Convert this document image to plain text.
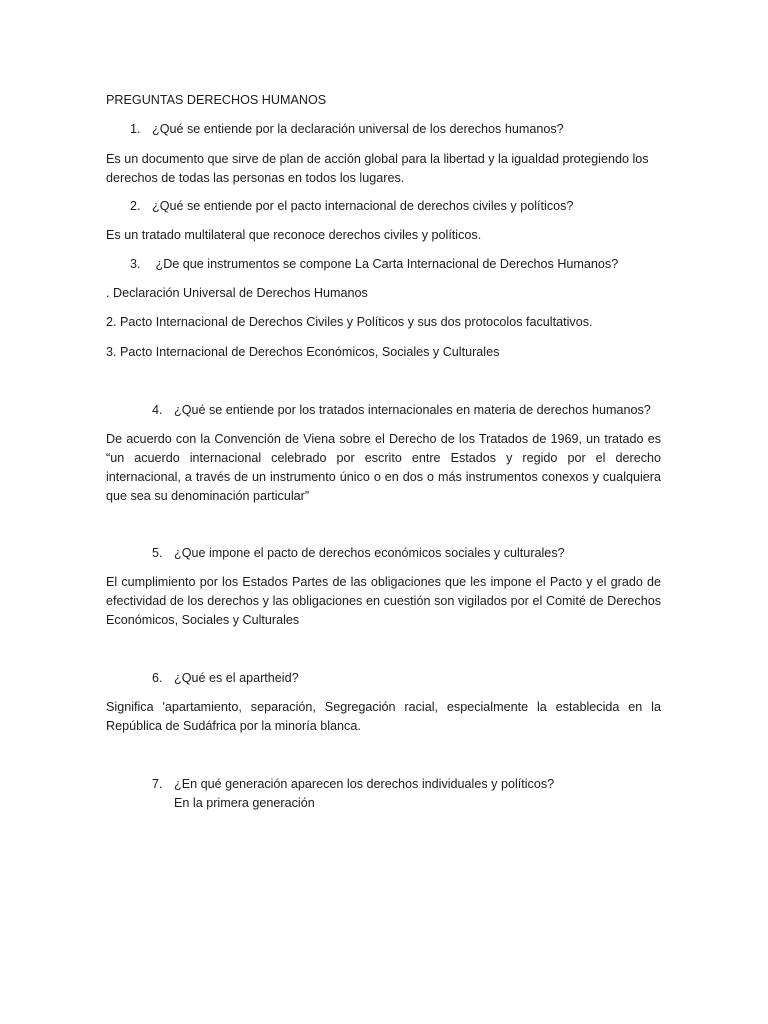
PREGUNTAS DERECHOS HUMANOS
1. ¿Qué se entiende por la declaración universal de los derechos humanos?
Es un documento que sirve de plan de acción global para la libertad y la igualdad protegiendo los derechos de todas las personas en todos los lugares.
2. ¿Qué se entiende por el pacto internacional de derechos civiles y políticos?
Es un tratado multilateral que reconoce derechos civiles y políticos.
3. ¿De que instrumentos se compone La Carta Internacional de Derechos Humanos?
. Declaración Universal de Derechos Humanos
2. Pacto Internacional de Derechos Civiles y Políticos y sus dos protocolos facultativos.
3. Pacto Internacional de Derechos Económicos, Sociales y Culturales
4. ¿Qué se entiende por los tratados internacionales en materia de derechos humanos?
De acuerdo con la Convención de Viena sobre el Derecho de los Tratados de 1969, un tratado es “un acuerdo internacional celebrado por escrito entre Estados y regido por el derecho internacional, a través de un instrumento único o en dos o más instrumentos conexos y cualquiera que sea su denominación particular”
5. ¿Que impone el pacto de derechos económicos sociales y culturales?
El cumplimiento por los Estados Partes de las obligaciones que les impone el Pacto y el grado de efectividad de los derechos y las obligaciones en cuestión son vigilados por el Comité de Derechos Económicos, Sociales y Culturales
6. ¿Qué es el apartheid?
Significa 'apartamiento, separación, Segregación racial, especialmente la establecida en la República de Sudáfrica por la minoría blanca.
7. ¿En qué generación aparecen los derechos individuales y políticos?
En la primera generación
